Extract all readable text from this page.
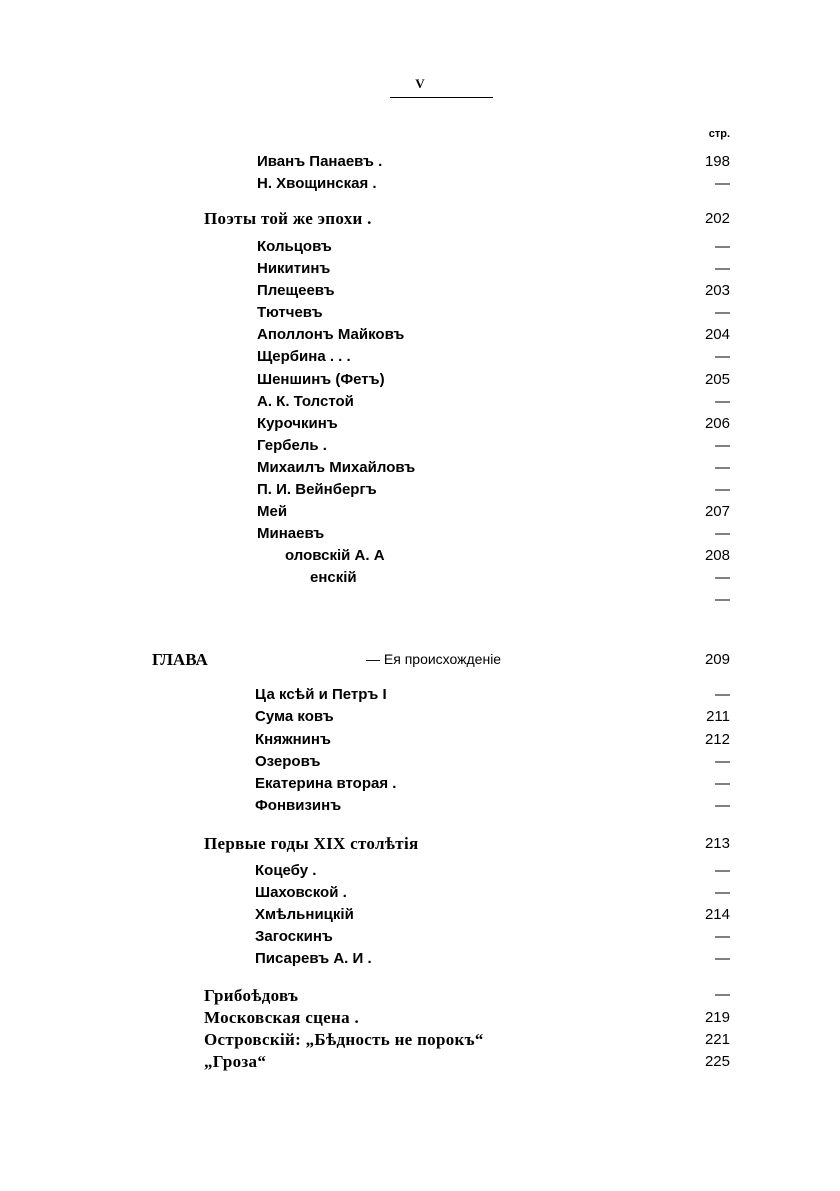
V
стр.
Иванъ Панаевъ .	198
Н. Хвощинская .	—
Поэты той же эпохи .	202
Кольцовъ	—
Никитинъ	—
Плещеевъ	203
Тютчевъ	—
Аполлонъ Майковъ	204
Щербина . . .	—
Шеншинъ (Фетъ)	205
А. К. Толстой	—
Курочкинъ	206
Гербель .	—
Михаилъ Михайловъ	—
П. И. Вейнбергъ	—
Мей	207
Минаевъ	—
оловскій А. А	208
енскій	—
—
ГЛАВА	— Ея происхожденіе	209
Ца ксѣй и Петръ I	—
Сума ковъ	211
Княжнинъ	212
Озеровъ	—
Екатерина вторая .	—
Фонвизинъ	—
Первые годы XIX столѣтія	213
Коцебу .	—
Шаховской .	—
Хмѣльницкій	214
Загоскинъ	—
Писаревъ А. И .	—
Грибоѣдовъ	—
Московская сцена .	219
Островскій: „Бѣдность не порокъ“	221
„Гроза“	225
